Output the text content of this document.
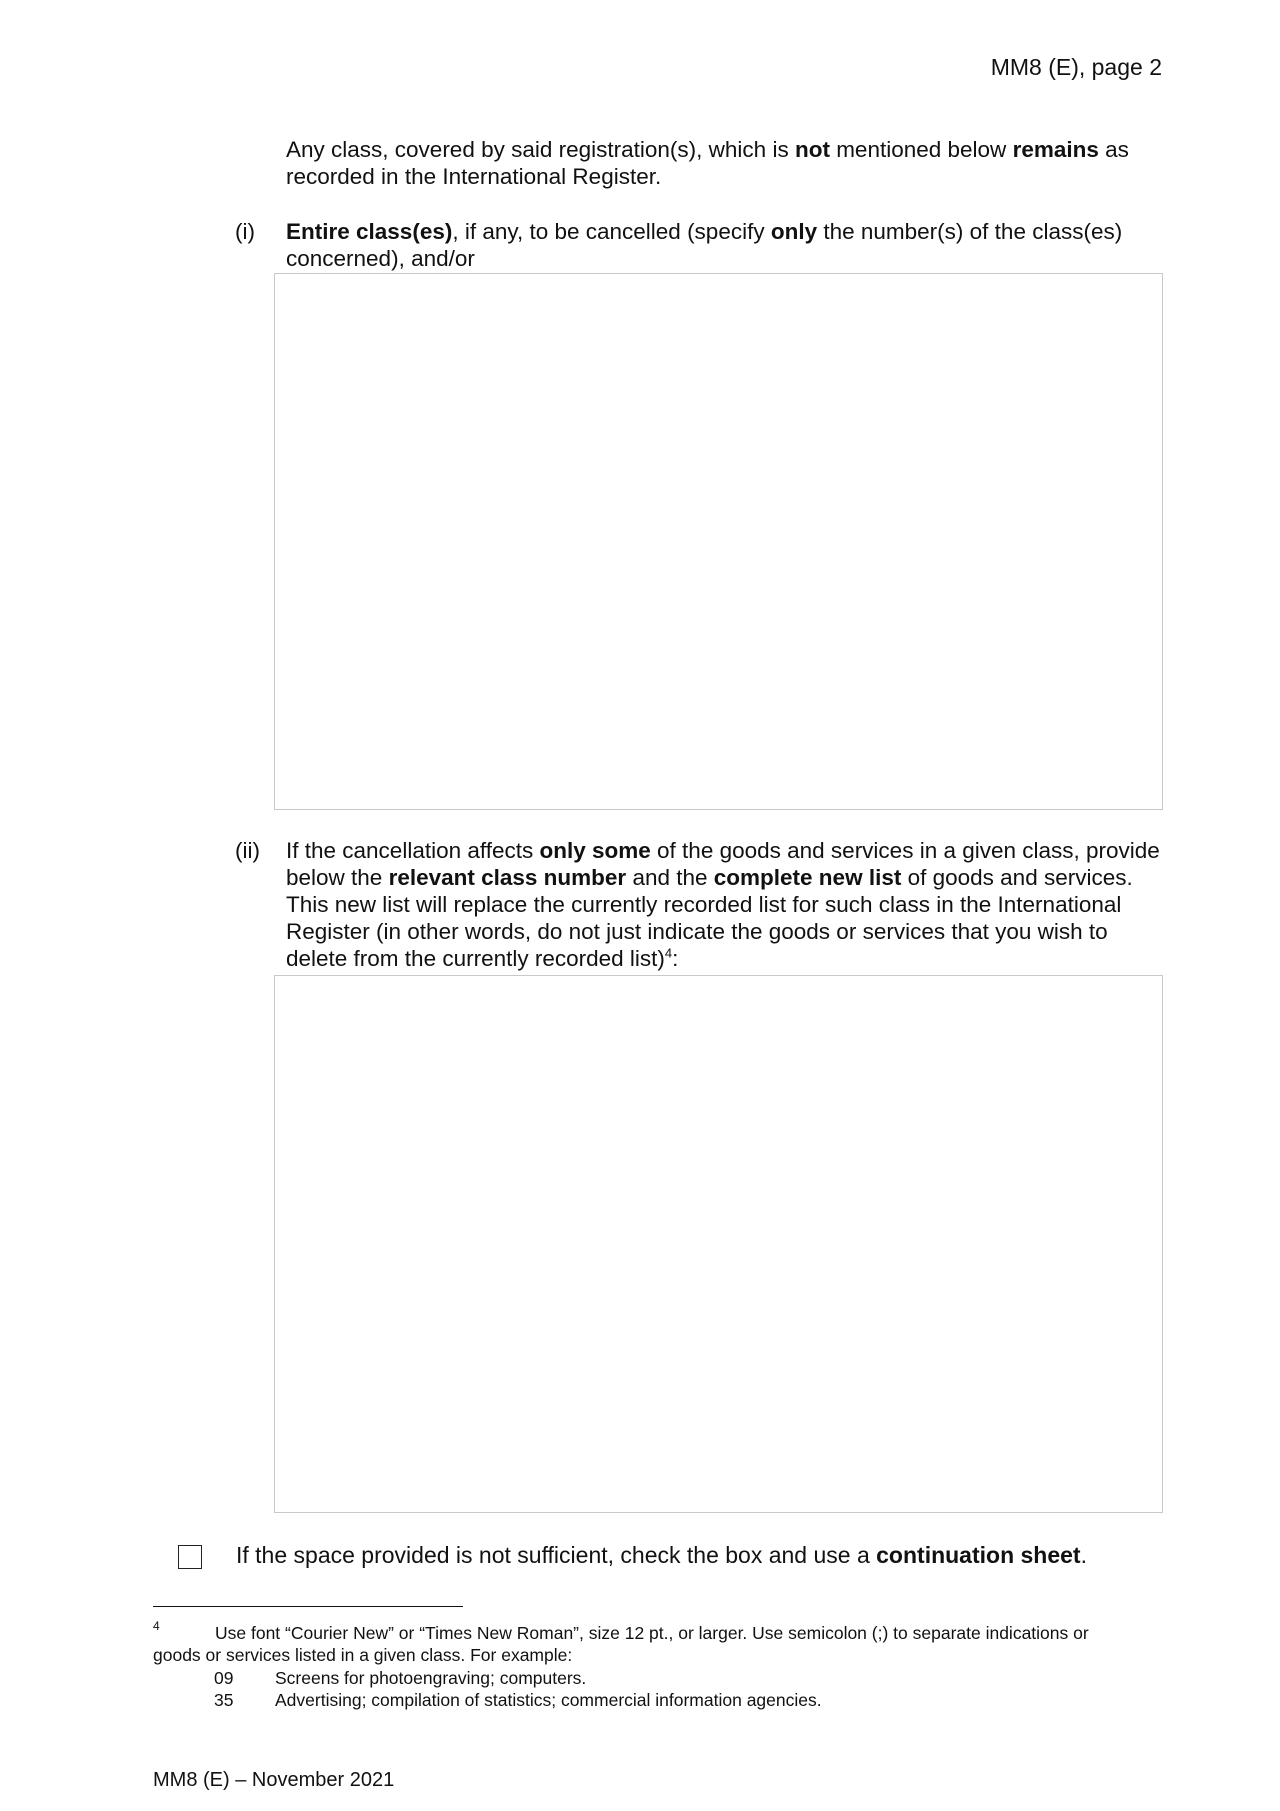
MM8 (E), page 2
Any class, covered by said registration(s), which is not mentioned below remains as recorded in the International Register.
(i) Entire class(es), if any, to be cancelled (specify only the number(s) of the class(es) concerned), and/or
(ii) If the cancellation affects only some of the goods and services in a given class, provide below the relevant class number and the complete new list of goods and services. This new list will replace the currently recorded list for such class in the International Register (in other words, do not just indicate the goods or services that you wish to delete from the currently recorded list)$^4$:
If the space provided is not sufficient, check the box and use a continuation sheet.
4	Use font “Courier New” or “Times New Roman”, size 12 pt., or larger. Use semicolon (;) to separate indications or goods or services listed in a given class. For example:
09 Screens for photoengraving; computers.
35 Advertising; compilation of statistics; commercial information agencies.
MM8 (E) – November 2021
